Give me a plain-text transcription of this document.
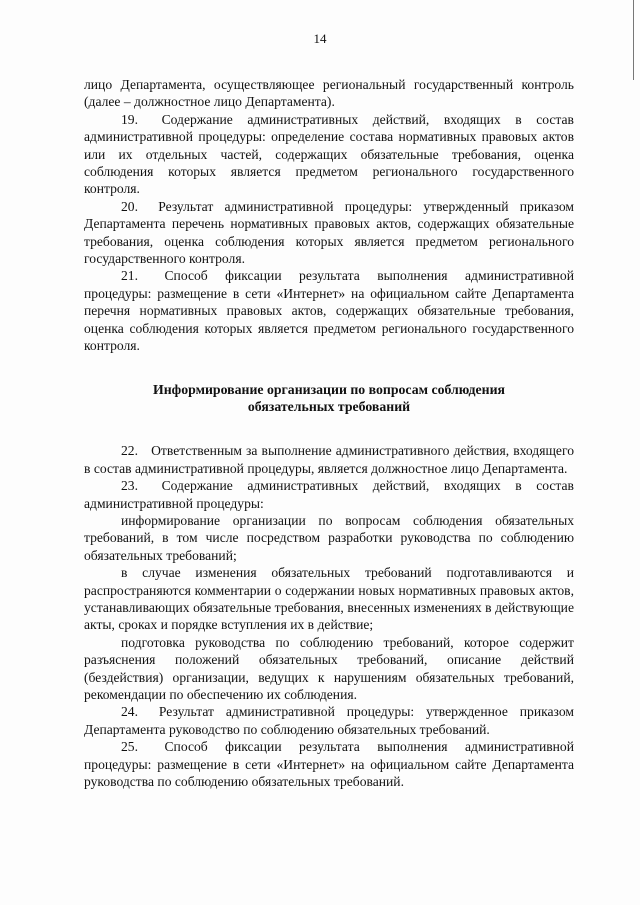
14

лицо Департамента, осуществляющее региональный государственный контроль (далее – должностное лицо Департамента).

19. Содержание административных действий, входящих в состав административной процедуры: определение состава нормативных правовых актов или их отдельных частей, содержащих обязательные требования, оценка соблюдения которых является предметом регионального государственного контроля.

20. Результат административной процедуры: утвержденный приказом Департамента перечень нормативных правовых актов, содержащих обязательные требования, оценка соблюдения которых является предметом регионального государственного контроля.

21. Способ фиксации результата выполнения административной процедуры: размещение в сети «Интернет» на официальном сайте Департамента перечня нормативных правовых актов, содержащих обязательные требования, оценка соблюдения которых является предметом регионального государственного контроля.

Информирование организации по вопросам соблюдения
обязательных требований

22. Ответственным за выполнение административного действия, входящего в состав административной процедуры, является должностное лицо Департамента.

23. Содержание административных действий, входящих в состав административной процедуры:

информирование организации по вопросам соблюдения обязательных требований, в том числе посредством разработки руководства по соблюдению обязательных требований;

в случае изменения обязательных требований подготавливаются и распространяются комментарии о содержании новых нормативных правовых актов, устанавливающих обязательные требования, внесенных изменениях в действующие акты, сроках и порядке вступления их в действие;

подготовка руководства по соблюдению требований, которое содержит разъяснения положений обязательных требований, описание действий (бездействия) организации, ведущих к нарушениям обязательных требований, рекомендации по обеспечению их соблюдения.

24. Результат административной процедуры: утвержденное приказом Департамента руководство по соблюдению обязательных требований.

25. Способ фиксации результата выполнения административной процедуры: размещение в сети «Интернет» на официальном сайте Департамента руководства по соблюдению обязательных требований.
